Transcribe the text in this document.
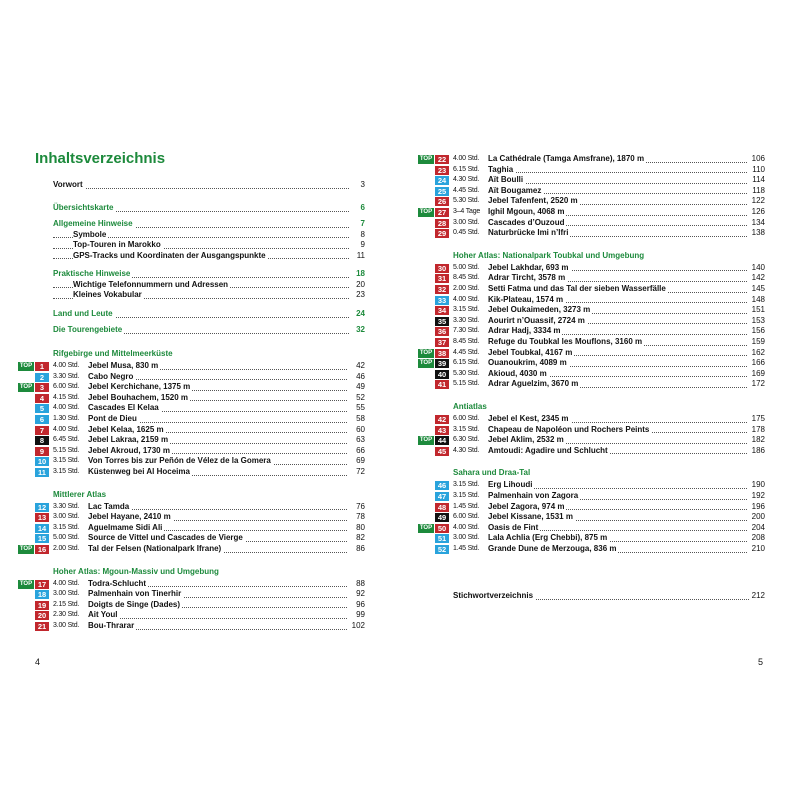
Inhaltsverzeichnis
Vorwort	3
Übersichtskarte	6
Allgemeine Hinweise	7
Symbole	8
Top-Touren in Marokko	9
GPS-Tracks und Koordinaten der Ausgangspunkte	11
Praktische Hinweise	18
Wichtige Telefonnummern und Adressen	20
Kleines Vokabular	23
Land und Leute	24
Die Tourengebiete	32
Rifgebirge und Mittelmeerküste
TOP	1	4.00 Std. Jebel Musa, 830 m	42
2	3.30 Std. Cabo Negro	46
TOP	3	6.00 Std. Jebel Kerchichane, 1375 m	49
4	4.15 Std. Jebel Bouhachem, 1520 m	52
5	4.00 Std. Cascades El Kelaa	55
6	1.30 Std. Pont de Dieu	58
7	4.00 Std. Jebel Kelaa, 1625 m	60
8	6.45 Std. Jebel Lakraa, 2159 m	63
9	5.15 Std. Jebel Akroud, 1730 m	66
10 3.15 Std. Von Torres bis zur Peñón de Vélez de la Gomera	69
11	3.15 Std. Küstenweg bei Al Hoceima	72
Mittlerer Atlas
12 3.30 Std. Lac Tamda	76
13 3.00 Std. Jebel Hayane, 2410 m	78
14 3.15 Std. Aguelmame Sidi Ali	80
15 5.00 Std. Source de Vittel und Cascades de Vierge	82
TOP 16 2.00 Std. Tal der Felsen (Nationalpark Ifrane)	86
Hoher Atlas: Mgoun-Massiv und Umgebung
TOP 17 4.00 Std. Todra-Schlucht	88
18 3.00 Std. Palmenhain von Tinerhir	92
19 2.15 Std. Doigts de Singe (Dades)	96
20 2.30 Std. Ait Youl	99
21 3.00 Std. Bou-Thrarar	102
4
TOP 22 4.00 Std. La Cathédrale (Tamga Amsfrane), 1870 m	106
23 6.15 Std. Taghia	110
24 4.30 Std. Aït Boulli	114
25 4.45 Std. Aït Bougamez	118
26 5.30 Std. Jebel Tafenfent, 2520 m	122
TOP 27 3–4 Tage Ighil Mgoun, 4068 m	126
28 3.00 Std. Cascades d’Ouzoud	134
29 0.45 Std. Naturbrücke Imi n’Ifri	138
Hoher Atlas: Nationalpark Toubkal und Umgebung
30 5.00 Std. Jebel Lakhdar, 693 m	140
31 8.45 Std. Adrar Tircht, 3578 m	142
32 2.00 Std. Setti Fatma und das Tal der sieben Wasserfälle	145
33 4.00 Std. Kik-Plateau, 1574 m	148
34 3.15 Std. Jebel Oukaimeden, 3273 m	151
35 3.30 Std. Aourirt n’Ouassif, 2724 m	153
36 7.30 Std. Adrar Hadj, 3334 m	156
37 8.45 Std. Refuge du Toubkal les Mouflons, 3160 m	159
TOP 38 4.45 Std. Jebel Toubkal, 4167 m	162
TOP 39 6.15 Std. Ouanoukrim, 4089 m	166
40 5.30 Std. Akioud, 4030 m	169
41 5.15 Std. Adrar Aguelzim, 3670 m	172
Antiatlas
42 6.00 Std. Jebel el Kest, 2345 m	175
43 3.15 Std. Chapeau de Napoléon und Rochers Peints	178
TOP 44 6.30 Std. Jebel Aklim, 2532 m	182
45 4.30 Std. Amtoudi: Agadire und Schlucht	186
Sahara und Draa-Tal
46 3.15 Std. Erg Lihoudi	190
47 3.15 Std. Palmenhain von Zagora	192
48 1.45 Std. Jebel Zagora, 974 m	196
49 6.00 Std. Jebel Kissane, 1531 m	200
TOP 50 4.00 Std. Oasis de Fint	204
51 3.00 Std. Lala Achlia (Erg Chebbi), 875 m	208
52 1.45 Std. Grande Dune de Merzouga, 836 m	210
Stichwortverzeichnis	212
5
